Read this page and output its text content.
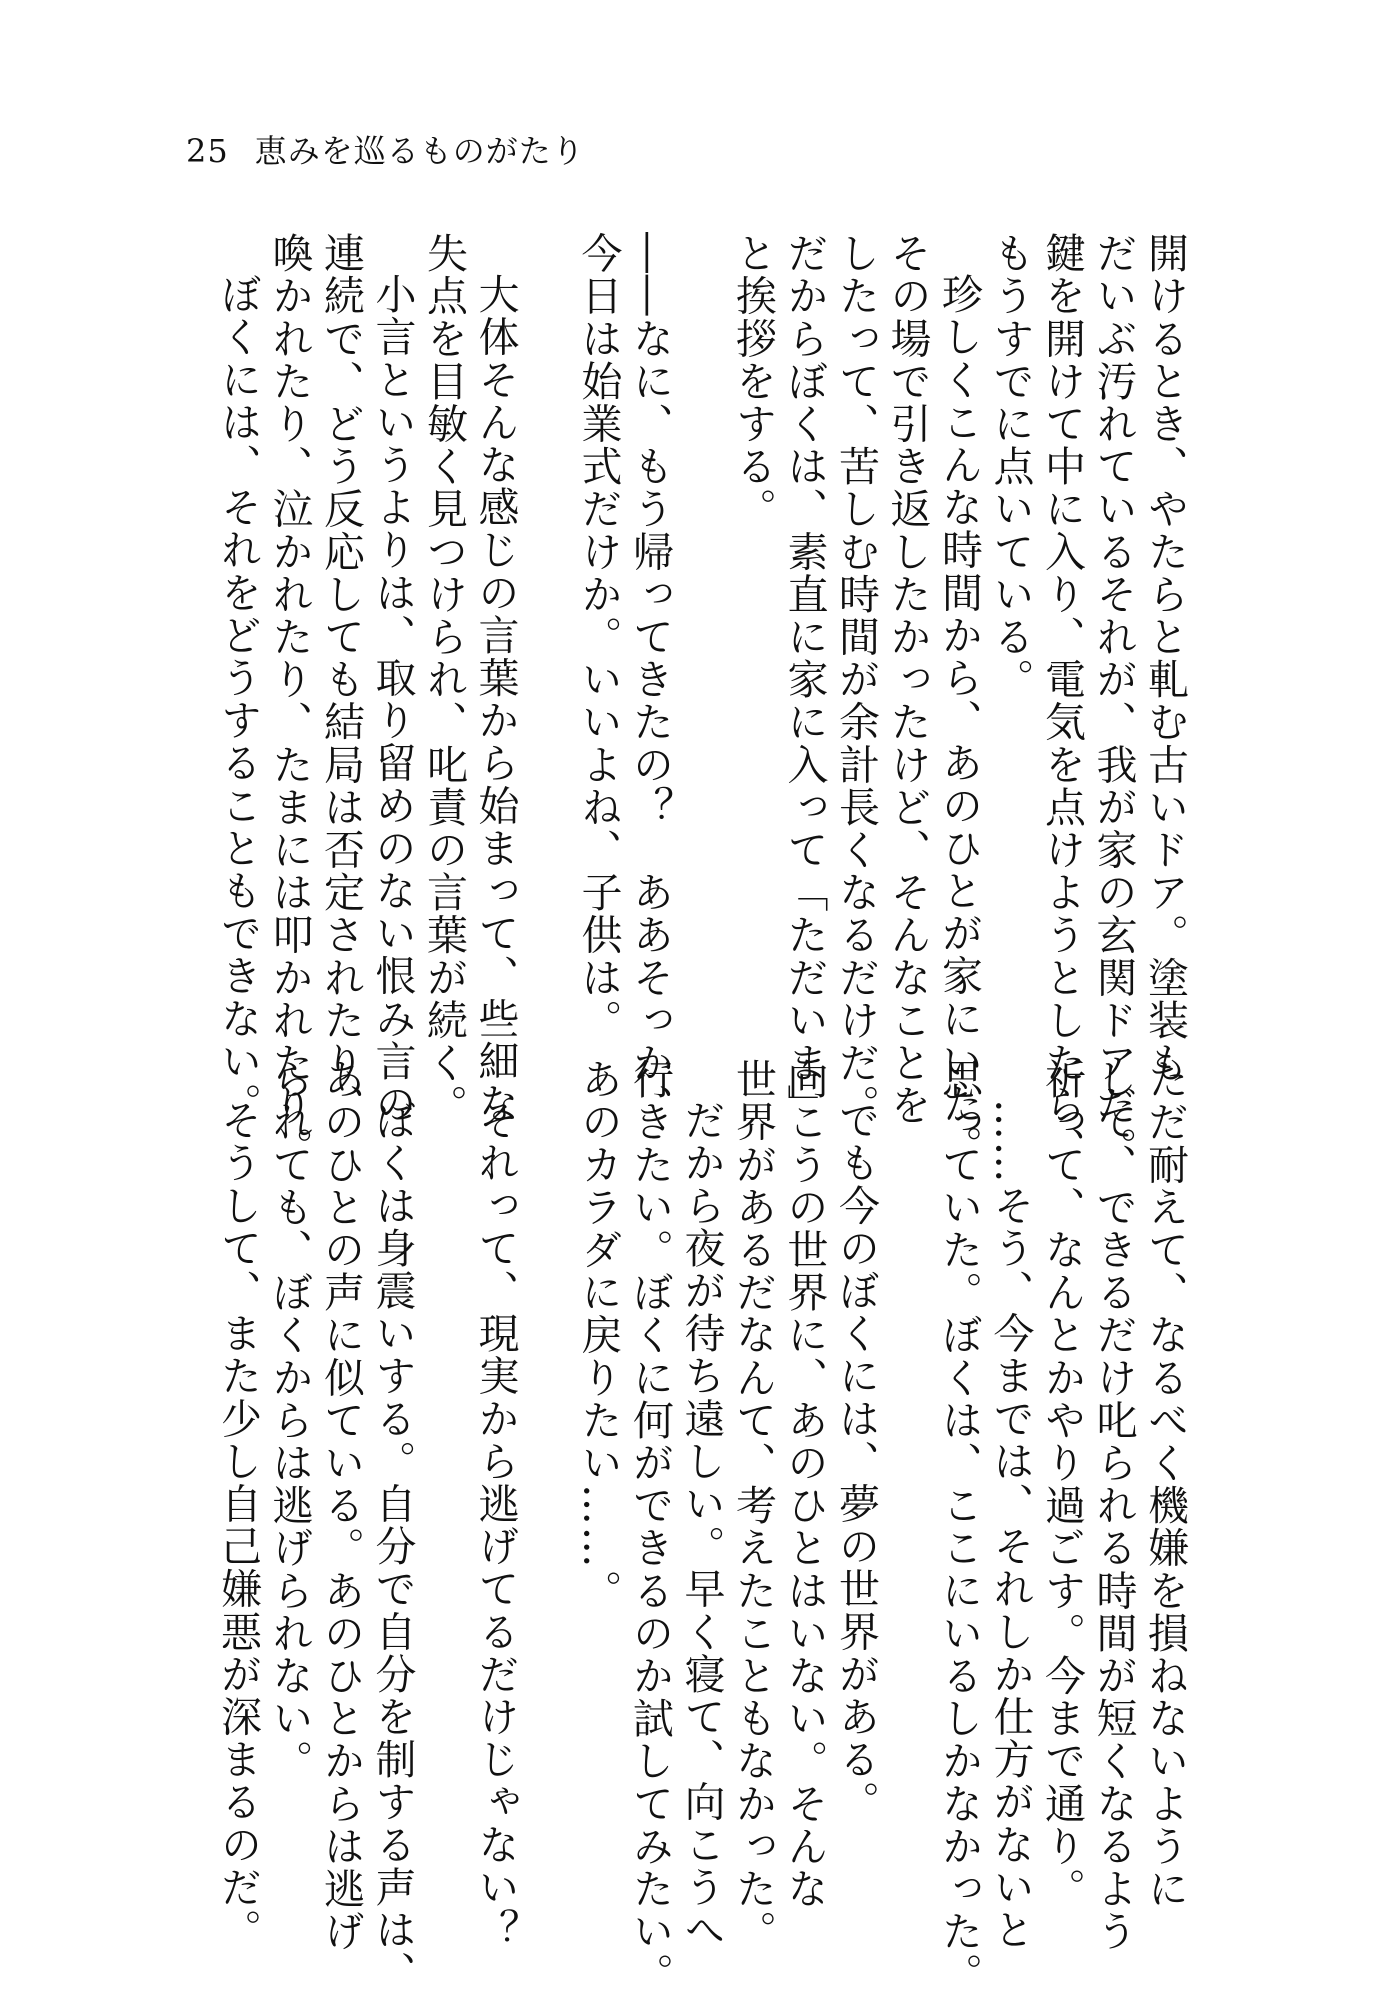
25 恵みを巡るものがたり

開けるとき、やたらと軋む古いドア。塗装も

だいぶ汚れているそれが、我が家の玄関ドアだ。

鍵を開けて中に入り、電気を点けようとしたら、

もうすでに点いている。

珍しくこんな時間から、あのひとが家にいた。

その場で引き返したかったけど、そんなことを

したって、苦しむ時間が余計長くなるだけだ。

だからぼくは、素直に家に入って「ただいま」

と挨拶をする。

――なに、もう帰ってきたの？　ああそっか、

今日は始業式だけか。いいよね、子供は。

大体そんな感じの言葉から始まって、些細な

失点を目敏く見つけられ、叱責の言葉が続く。

小言というよりは、取り留めのない恨み言の

連続で、どう反応しても結局は否定されたり、

喚かれたり、泣かれたり、たまには叩かれたり。

ぼくには、それをどうすることもできない。

ただ耐えて、なるべく機嫌を損ねないように

して、できるだけ叱られる時間が短くなるよう

祈って、なんとかやり過ごす。今まで通り。

……そう、今までは、それしか仕方がないと

思っていた。ぼくは、ここにいるしかなかった。

でも今のぼくには、夢の世界がある。

向こうの世界に、あのひとはいない。そんな

世界があるだなんて、考えたこともなかった。

だから夜が待ち遠しい。早く寝て、向こうへ

行きたい。ぼくに何ができるのか試してみたい。

あのカラダに戻りたい……。

それって、現実から逃げてるだけじゃない？

ぼくは身震いする。自分で自分を制する声は、

あのひとの声に似ている。あのひとからは逃げ

られても、ぼくからは逃げられない。

そうして、また少し自己嫌悪が深まるのだ。
